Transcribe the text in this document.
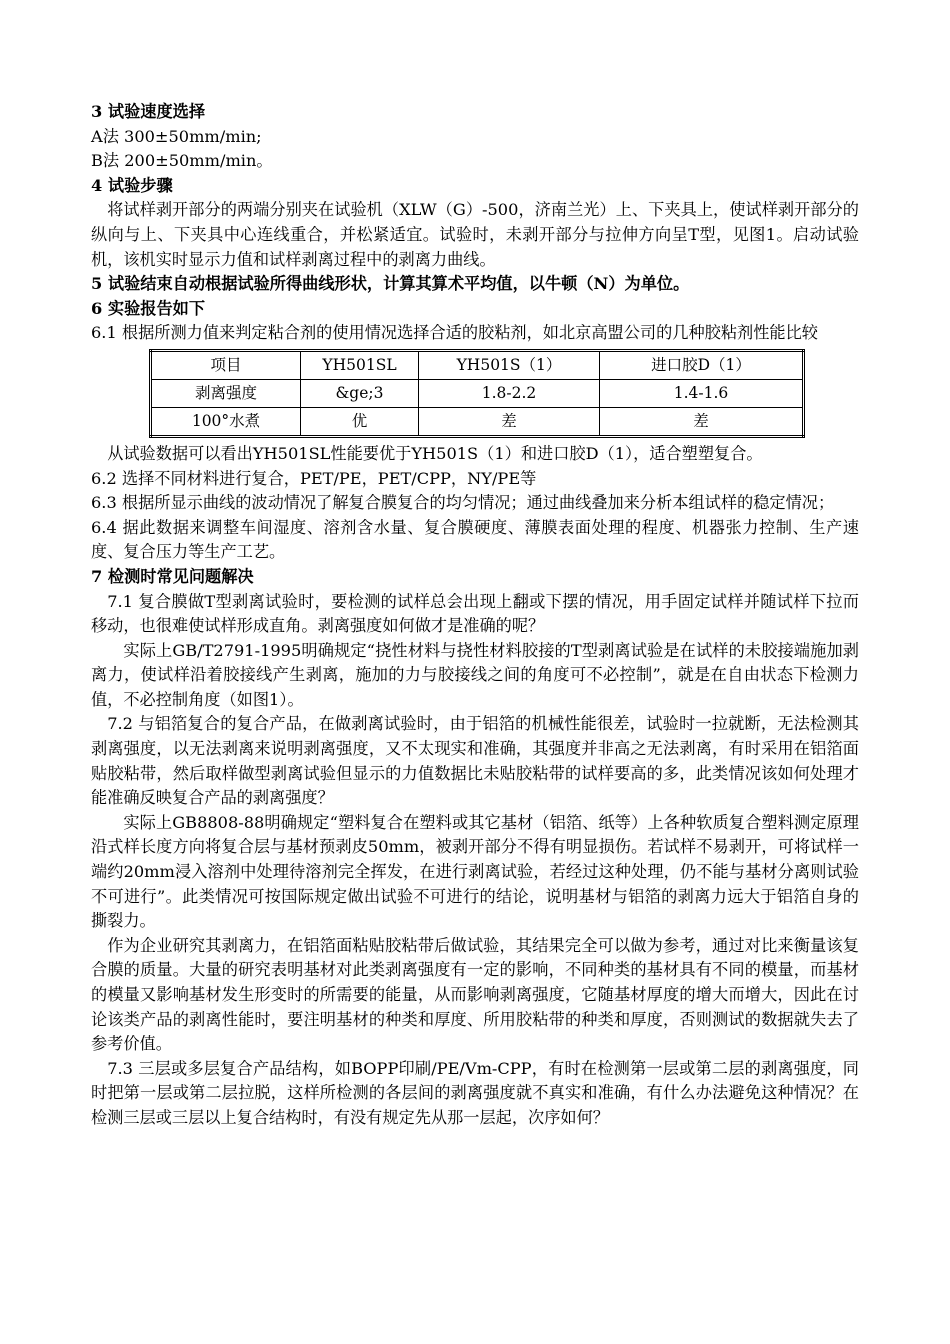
3 试验速度选择
A法 300±50mm/min;
B法 200±50mm/min。
4 试验步骤

将试样剥开部分的两端分别夹在试验机（XLW（G）-500，济南兰光）上、下夹具上，使试样剥开部分的纵向与上、下夹具中心连线重合，并松紧适宜。试验时，未剥开部分与拉伸方向呈T型，见图1。启动试验机，该机实时显示力值和试样剥离过程中的剥离力曲线。

5 试验结束自动根据试验所得曲线形状，计算其算术平均值，以牛顿（N）为单位。
6 实验报告如下

6.1 根据所测力值来判定粘合剂的使用情况选择合适的胶粘剂，如北京高盟公司的几种胶粘剂性能比较

项目	YH501SL	YH501S（1）	进口胶D（1）
剥离强度	&ge;3	1.8-2.2	1.4-1.6
100°水煮	优	差	差

从试验数据可以看出YH501SL性能要优于YH501S（1）和进口胶D（1），适合塑塑复合。

6.2 选择不同材料进行复合，PET/PE，PET/CPP，NY/PE等

6.3 根据所显示曲线的波动情况了解复合膜复合的均匀情况；通过曲线叠加来分析本组试样的稳定情况；

6.4 据此数据来调整车间湿度、溶剂含水量、复合膜硬度、薄膜表面处理的程度、机器张力控制、生产速度、复合压力等生产工艺。

7 检测时常见问题解决

7.1 复合膜做T型剥离试验时，要检测的试样总会出现上翻或下摆的情况，用手固定试样并随试样下拉而移动，也很难使试样形成直角。剥离强度如何做才是准确的呢？

实际上GB/T2791-1995明确规定“挠性材料与挠性材料胶接的T型剥离试验是在试样的未胶接端施加剥离力，使试样沿着胶接线产生剥离，施加的力与胶接线之间的角度可不必控制”，就是在自由状态下检测力值，不必控制角度（如图1）。

7.2 与铝箔复合的复合产品，在做剥离试验时，由于铝箔的机械性能很差，试验时一拉就断，无法检测其剥离强度，以无法剥离来说明剥离强度，又不太现实和准确，其强度并非高之无法剥离，有时采用在铝箔面贴胶粘带，然后取样做型剥离试验但显示的力值数据比未贴胶粘带的试样要高的多，此类情况该如何处理才能准确反映复合产品的剥离强度？

实际上GB8808-88明确规定“塑料复合在塑料或其它基材（铝箔、纸等）上各种软质复合塑料测定原理沿式样长度方向将复合层与基材预剥皮50mm，被剥开部分不得有明显损伤。若试样不易剥开，可将试样一端约20mm浸入溶剂中处理待溶剂完全挥发，在进行剥离试验，若经过这种处理，仍不能与基材分离则试验不可进行”。此类情况可按国际规定做出试验不可进行的结论，说明基材与铝箔的剥离力远大于铝箔自身的撕裂力。

作为企业研究其剥离力，在铝箔面粘贴胶粘带后做试验，其结果完全可以做为参考，通过对比来衡量该复合膜的质量。大量的研究表明基材对此类剥离强度有一定的影响，不同种类的基材具有不同的模量，而基材的模量又影响基材发生形变时的所需要的能量，从而影响剥离强度，它随基材厚度的增大而增大，因此在讨论该类产品的剥离性能时，要注明基材的种类和厚度、所用胶粘带的种类和厚度，否则测试的数据就失去了参考价值。

7.3 三层或多层复合产品结构，如BOPP印刷/PE/Vm-CPP，有时在检测第一层或第二层的剥离强度，同时把第一层或第二层拉脱，这样所检测的各层间的剥离强度就不真实和准确，有什么办法避免这种情况？在检测三层或三层以上复合结构时，有没有规定先从那一层起，次序如何？
